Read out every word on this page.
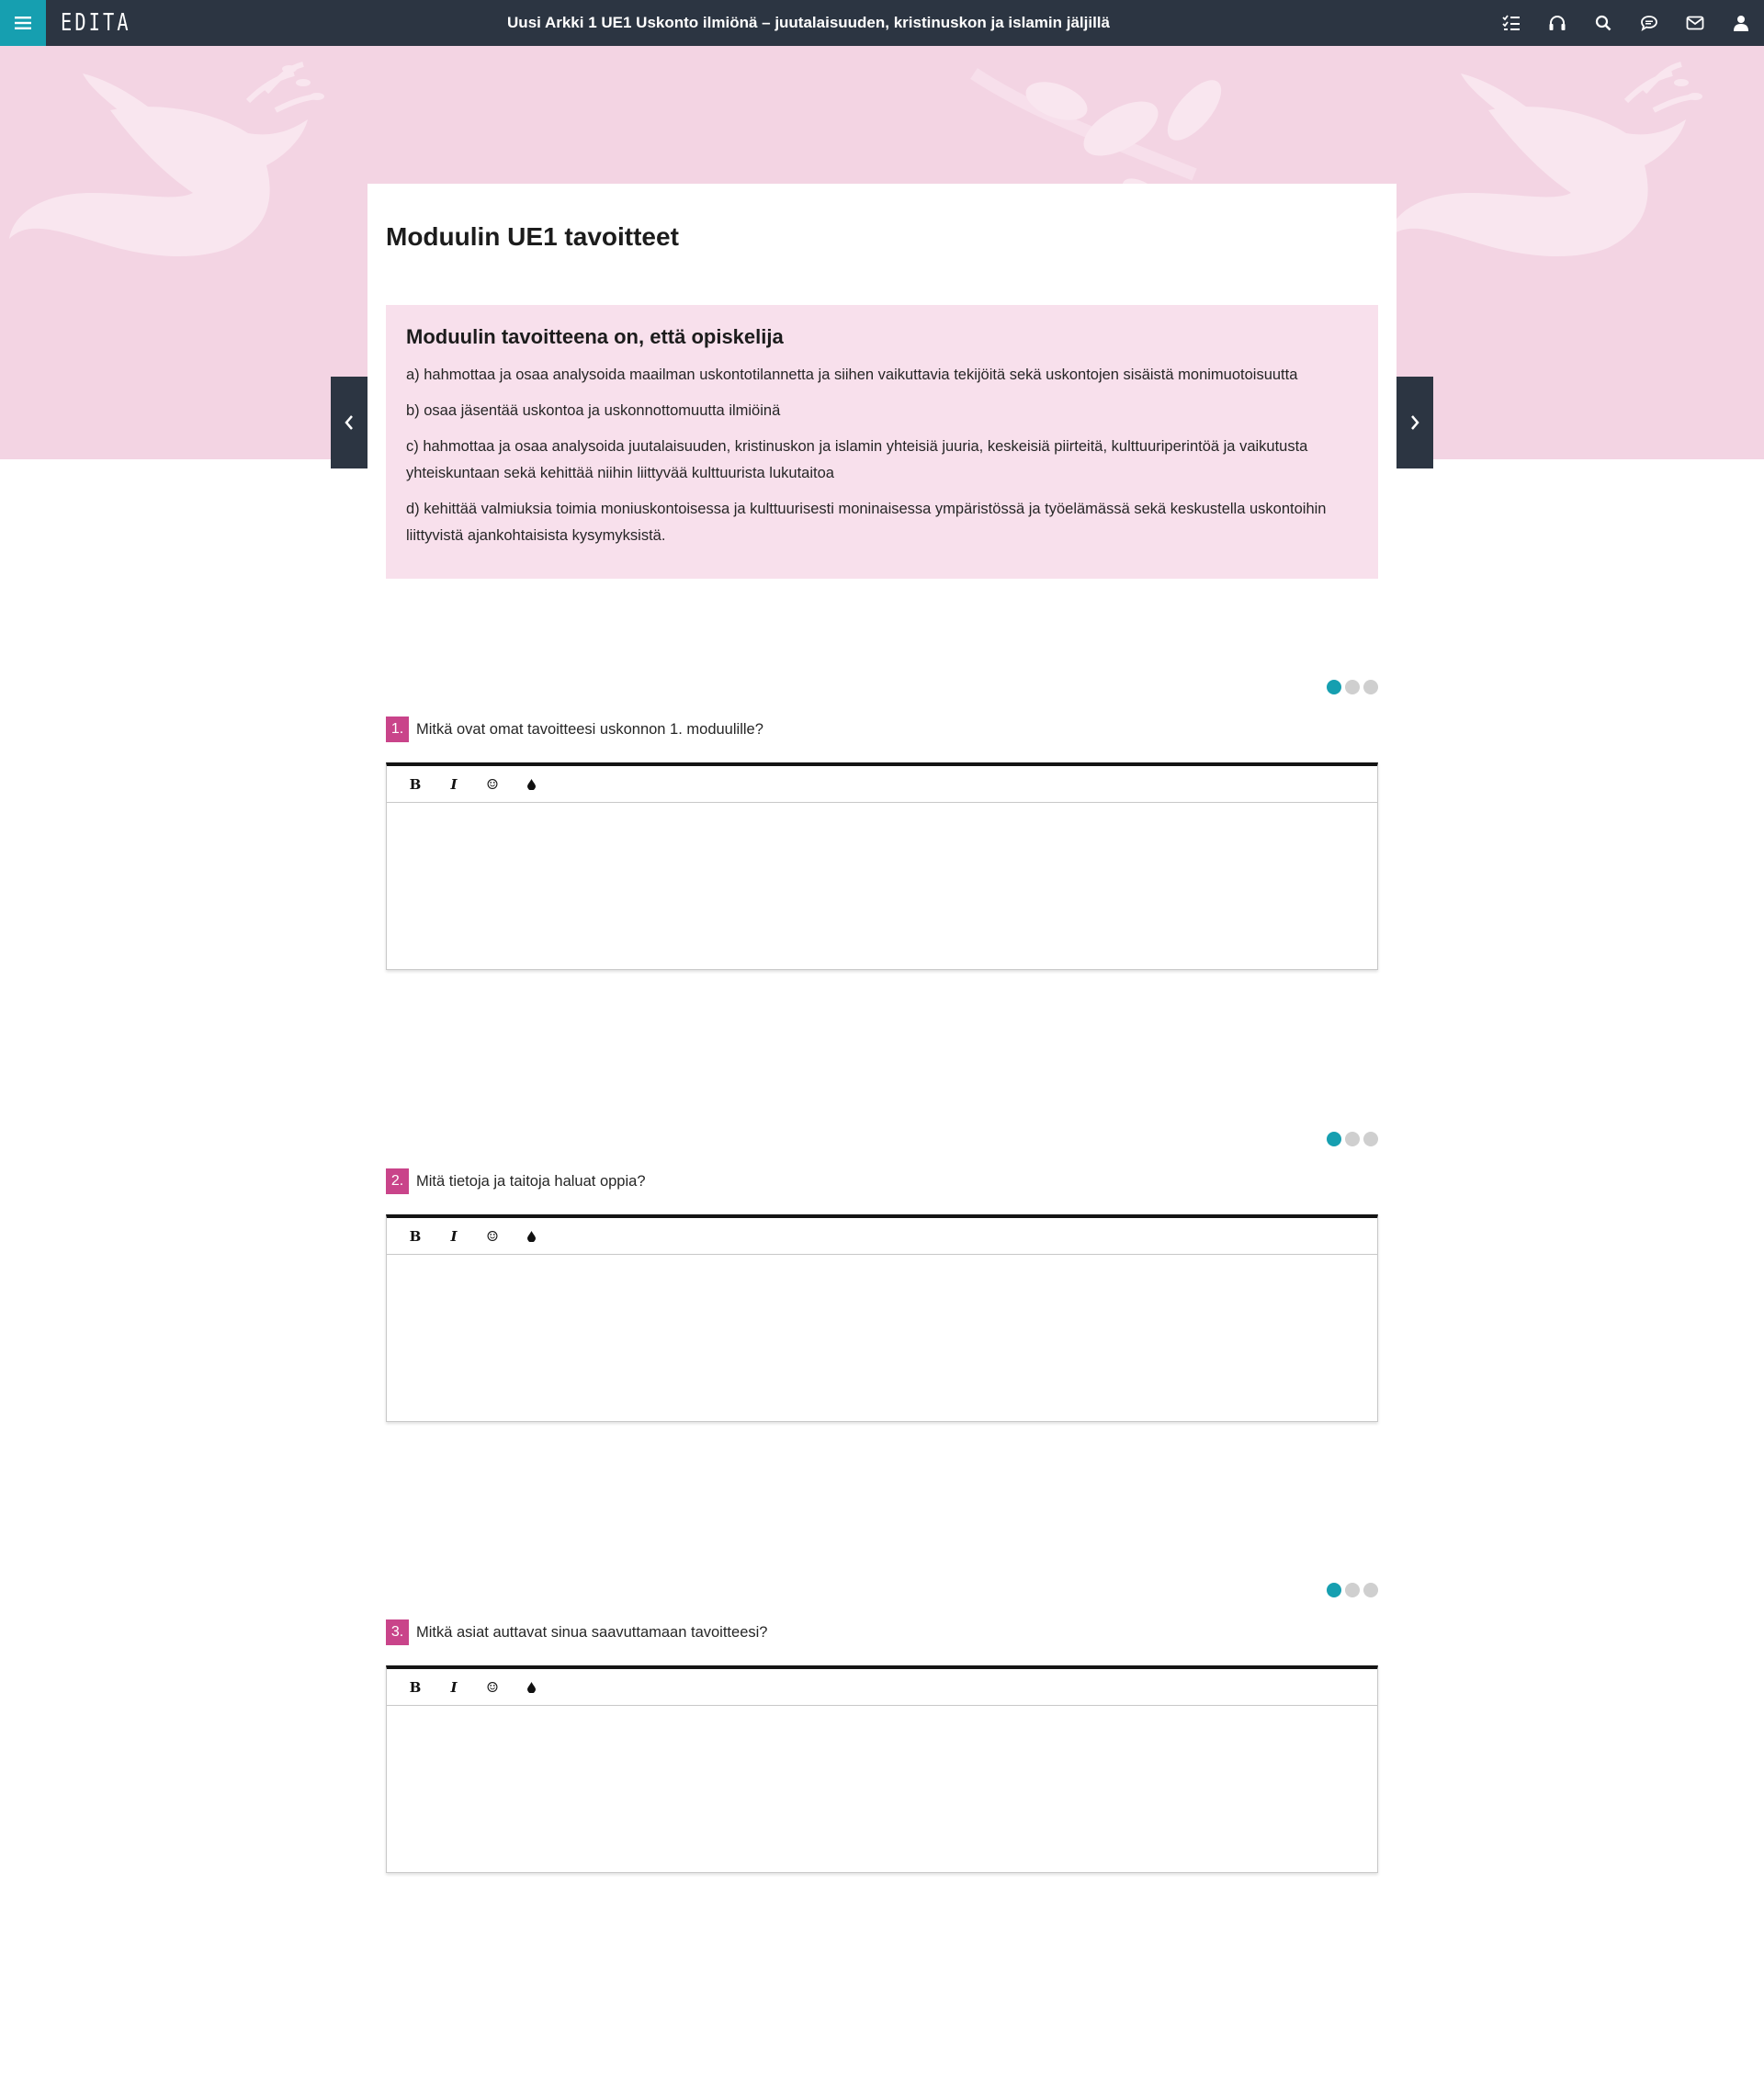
EDITA	Uusi Arkki 1 UE1 Uskonto ilmiönä – juutalaisuuden, kristinuskon ja islamin jäljillä
Moduulin UE1 tavoitteet
Moduulin tavoitteena on, että opiskelija

a) hahmottaa ja osaa analysoida maailman uskontotilannetta ja siihen vaikuttavia tekijöitä sekä uskontojen sisäistä monimuotoisuutta

b) osaa jäsentää uskontoa ja uskonnottomuutta ilmiöinä

c) hahmottaa ja osaa analysoida juutalaisuuden, kristinuskon ja islamin yhteisiä juuria, keskeisiä piirteitä, kulttuuriperintöä ja vaikutusta yhteiskuntaan sekä kehittää niihin liittyvää kulttuurista lukutaitoa

d) kehittää valmiuksia toimia moniuskontoisessa ja kulttuurisesti moninaisessa ympäristössä ja työelämässä sekä keskustella uskontoihin liittyvistä ajankohtaisista kysymyksistä.

1. Mitkä ovat omat tavoitteesi uskonnon 1. moduulille?
B	I	☺
2. Mitä tietoja ja taitoja haluat oppia?
B	I	☺
3. Mitkä asiat auttavat sinua saavuttamaan tavoitteesi?
B	I	☺
